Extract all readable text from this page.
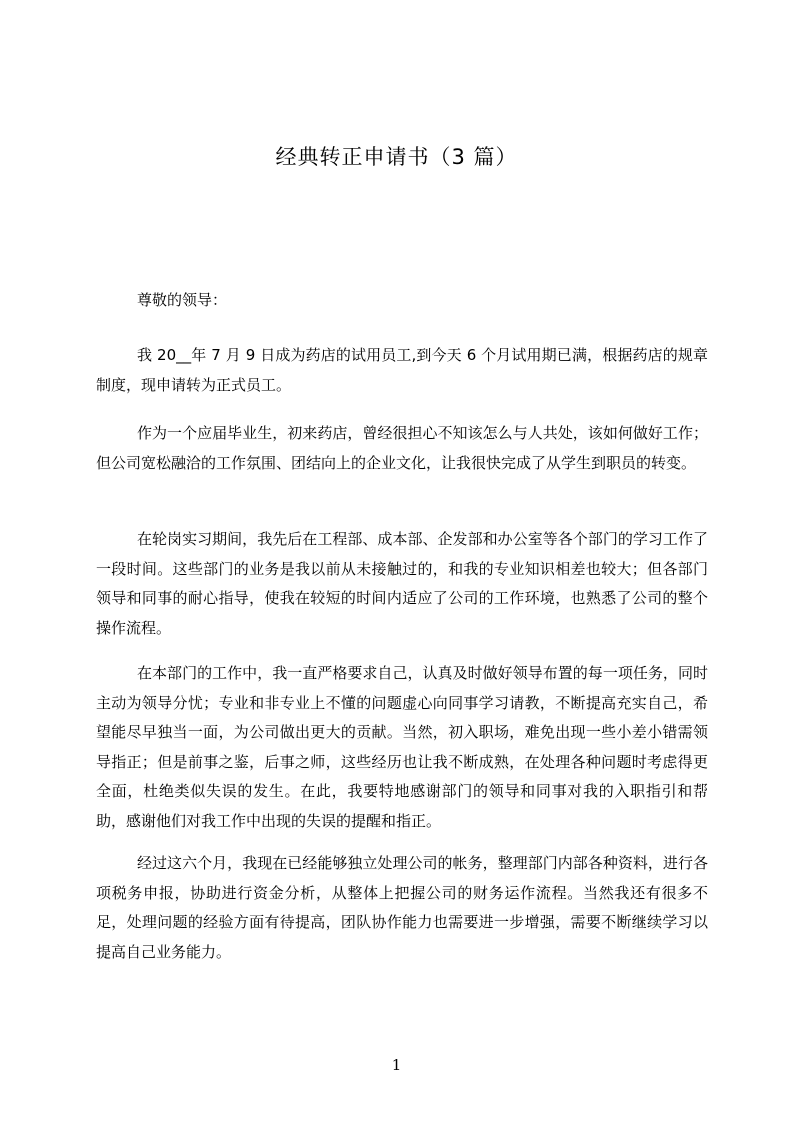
经典转正申请书（3 篇）
尊敬的领导：

我 20__年 7 月 9 日成为药店的试用员工,到今天 6 个月试用期已满，根据药店的规章制度，现申请转为正式员工。

作为一个应届毕业生，初来药店，曾经很担心不知该怎么与人共处，该如何做好工作；但公司宽松融洽的工作氛围、团结向上的企业文化，让我很快完成了从学生到职员的转变。

在轮岗实习期间，我先后在工程部、成本部、企发部和办公室等各个部门的学习工作了一段时间。这些部门的业务是我以前从未接触过的，和我的专业知识相差也较大；但各部门领导和同事的耐心指导，使我在较短的时间内适应了公司的工作环境，也熟悉了公司的整个操作流程。

在本部门的工作中，我一直严格要求自己，认真及时做好领导布置的每一项任务，同时主动为领导分忧；专业和非专业上不懂的问题虚心向同事学习请教，不断提高充实自己，希望能尽早独当一面，为公司做出更大的贡献。当然，初入职场，难免出现一些小差小错需领导指正；但是前事之鉴，后事之师，这些经历也让我不断成熟，在处理各种问题时考虑得更全面，杜绝类似失误的发生。在此，我要特地感谢部门的领导和同事对我的入职指引和帮助，感谢他们对我工作中出现的失误的提醒和指正。

经过这六个月，我现在已经能够独立处理公司的帐务，整理部门内部各种资料，进行各项税务申报，协助进行资金分析，从整体上把握公司的财务运作流程。当然我还有很多不足，处理问题的经验方面有待提高，团队协作能力也需要进一步增强，需要不断继续学习以提高自己业务能力。

1
